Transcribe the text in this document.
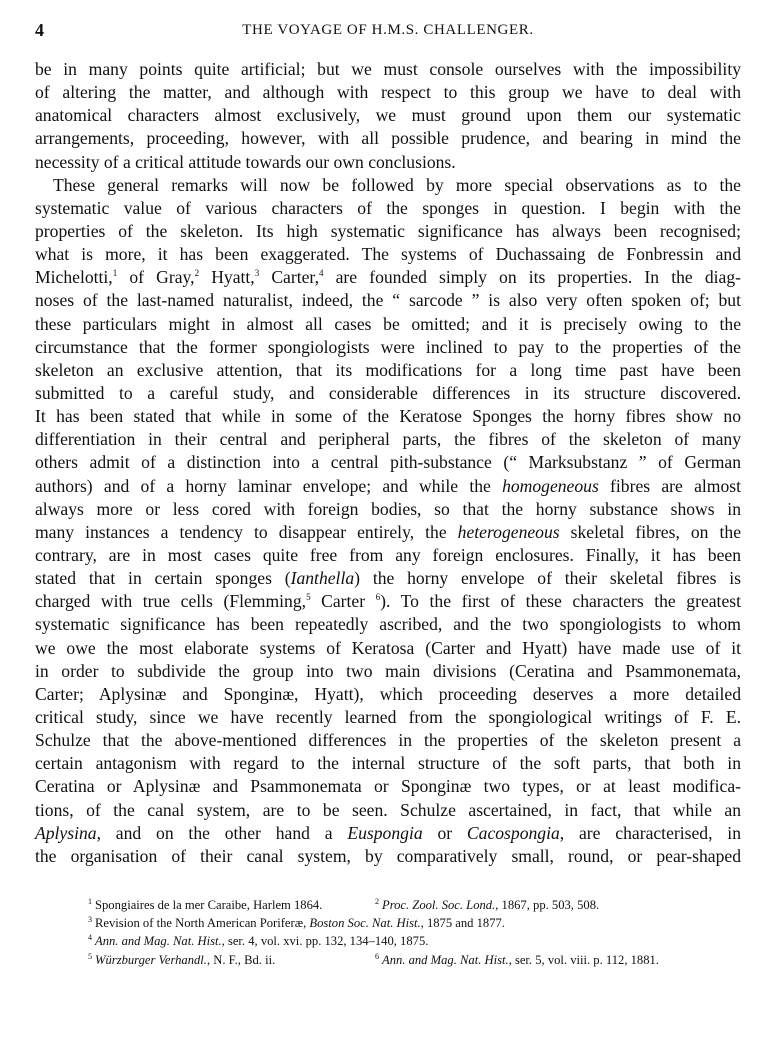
4	THE VOYAGE OF H.M.S. CHALLENGER.
be in many points quite artificial; but we must console ourselves with the impossibility
of altering the matter, and although with respect to this group we have to deal with
anatomical characters almost exclusively, we must ground upon them our systematic
arrangements, proceeding, however, with all possible prudence, and bearing in mind the
necessity of a critical attitude towards our own conclusions.
These general remarks will now be followed by more special observations as to the
systematic value of various characters of the sponges in question. I begin with the
properties of the skeleton. Its high systematic significance has always been recognised;
what is more, it has been exaggerated. The systems of Duchassaing de Fonbressin and
Michelotti,$^1$ of Gray,$^2$ Hyatt,$^3$ Carter,$^4$ are founded simply on its properties. In the diag-
noses of the last-named naturalist, indeed, the “ sarcode ” is also very often spoken of; but
these particulars might in almost all cases be omitted; and it is precisely owing to the
circumstance that the former spongiologists were inclined to pay to the properties of the
skeleton an exclusive attention, that its modifications for a long time past have been
submitted to a careful study, and considerable differences in its structure discovered.
It has been stated that while in some of the Keratose Sponges the horny fibres show no
differentiation in their central and peripheral parts, the fibres of the skeleton of many
others admit of a distinction into a central pith-substance (“ Marksubstanz ” of German
authors) and of a horny laminar envelope; and while the homogeneous fibres are almost
always more or less cored with foreign bodies, so that the horny substance shows in
many instances a tendency to disappear entirely, the heterogeneous skeletal fibres, on the
contrary, are in most cases quite free from any foreign enclosures. Finally, it has been
stated that in certain sponges (Ianthella) the horny envelope of their skeletal fibres is
charged with true cells (Flemming,$^5$ Carter $^6$). To the first of these characters the greatest
systematic significance has been repeatedly ascribed, and the two spongiologists to whom
we owe the most elaborate systems of Keratosa (Carter and Hyatt) have made use of it
in order to subdivide the group into two main divisions (Ceratina and Psammonemata,
Carter; Aplysinæ and Sponginæ, Hyatt), which proceeding deserves a more detailed
critical study, since we have recently learned from the spongiological writings of F. E.
Schulze that the above-mentioned differences in the properties of the skeleton present a
certain antagonism with regard to the internal structure of the soft parts, that both in
Ceratina or Aplysinæ and Psammonemata or Sponginæ two types, or at least modifica-
tions, of the canal system, are to be seen. Schulze ascertained, in fact, that while an
Aplysina, and on the other hand a Euspongia or Cacospongia, are characterised, in
the organisation of their canal system, by comparatively small, round, or pear-shaped
$^1$ Spongiaires de la mer Caraibe, Harlem 1864.	$^2$ Proc. Zool. Soc. Lond., 1867, pp. 503, 508.
$^3$ Revision of the North American Poriferæ, Boston Soc. Nat. Hist., 1875 and 1877.
$^4$ Ann. and Mag. Nat. Hist., ser. 4, vol. xvi. pp. 132, 134–140, 1875.
$^5$ Würzburger Verhandl., N. F., Bd. ii.	$^6$ Ann. and Mag. Nat. Hist., ser. 5, vol. viii. p. 112, 1881.
